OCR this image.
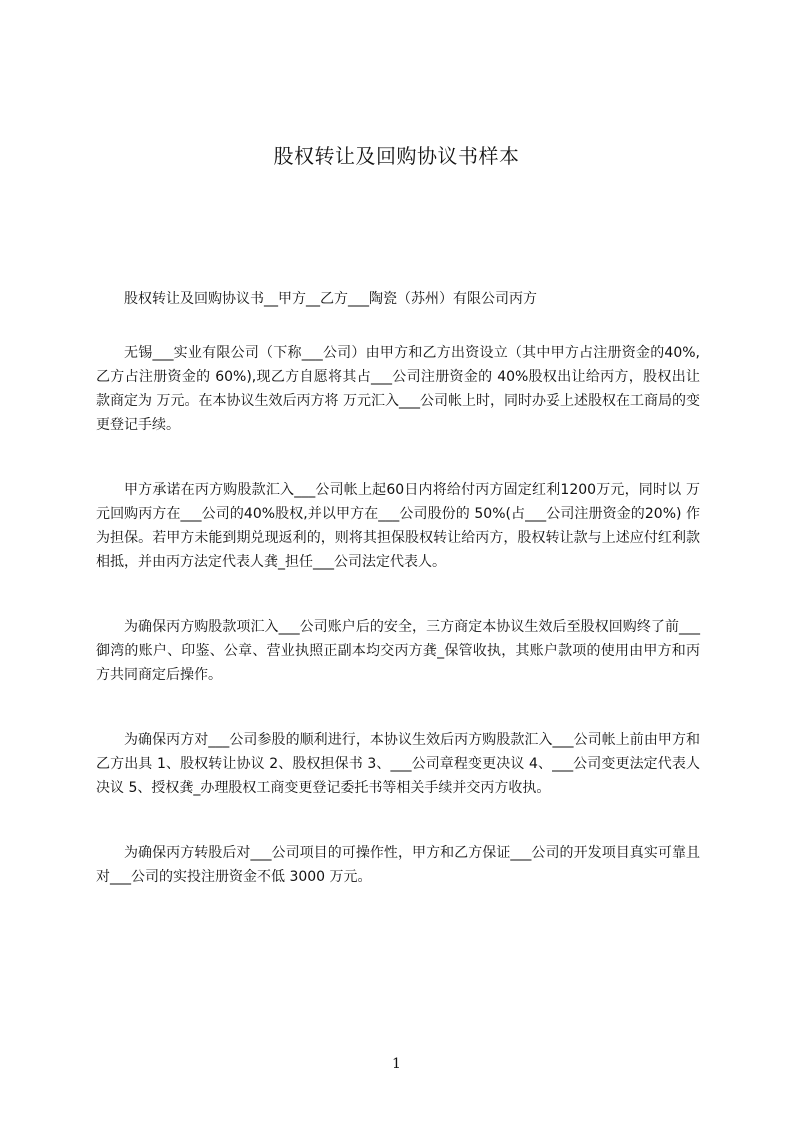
股权转让及回购协议书样本

股权转让及回购协议书__甲方__乙方___陶瓷（苏州）有限公司丙方

无锡___实业有限公司（下称___公司）由甲方和乙方出资设立（其中甲方占注册资金的40%,乙方占注册资金的 60%),现乙方自愿将其占___公司注册资金的 40%股权出让给丙方，股权出让款商定为 万元。在本协议生效后丙方将 万元汇入___公司帐上时，同时办妥上述股权在工商局的变更登记手续。

甲方承诺在丙方购股款汇入___公司帐上起60日内将给付丙方固定红利1200万元，同时以 万元回购丙方在___公司的40%股权,并以甲方在___公司股份的 50%(占___公司注册资金的20%) 作为担保。若甲方未能到期兑现返利的，则将其担保股权转让给丙方，股权转让款与上述应付红利款相抵，并由丙方法定代表人龚_担任___公司法定代表人。

为确保丙方购股款项汇入___公司账户后的安全，三方商定本协议生效后至股权回购终了前___御湾的账户、印鉴、公章、营业执照正副本均交丙方龚_保管收执，其账户款项的使用由甲方和丙方共同商定后操作。

为确保丙方对___公司参股的顺利进行，本协议生效后丙方购股款汇入___公司帐上前由甲方和乙方出具 1、股权转让协议 2、股权担保书 3、___公司章程变更决议 4、___公司变更法定代表人决议 5、授权龚_办理股权工商变更登记委托书等相关手续并交丙方收执。

为确保丙方转股后对___公司项目的可操作性，甲方和乙方保证___公司的开发项目真实可靠且对___公司的实投注册资金不低 3000 万元。

1
